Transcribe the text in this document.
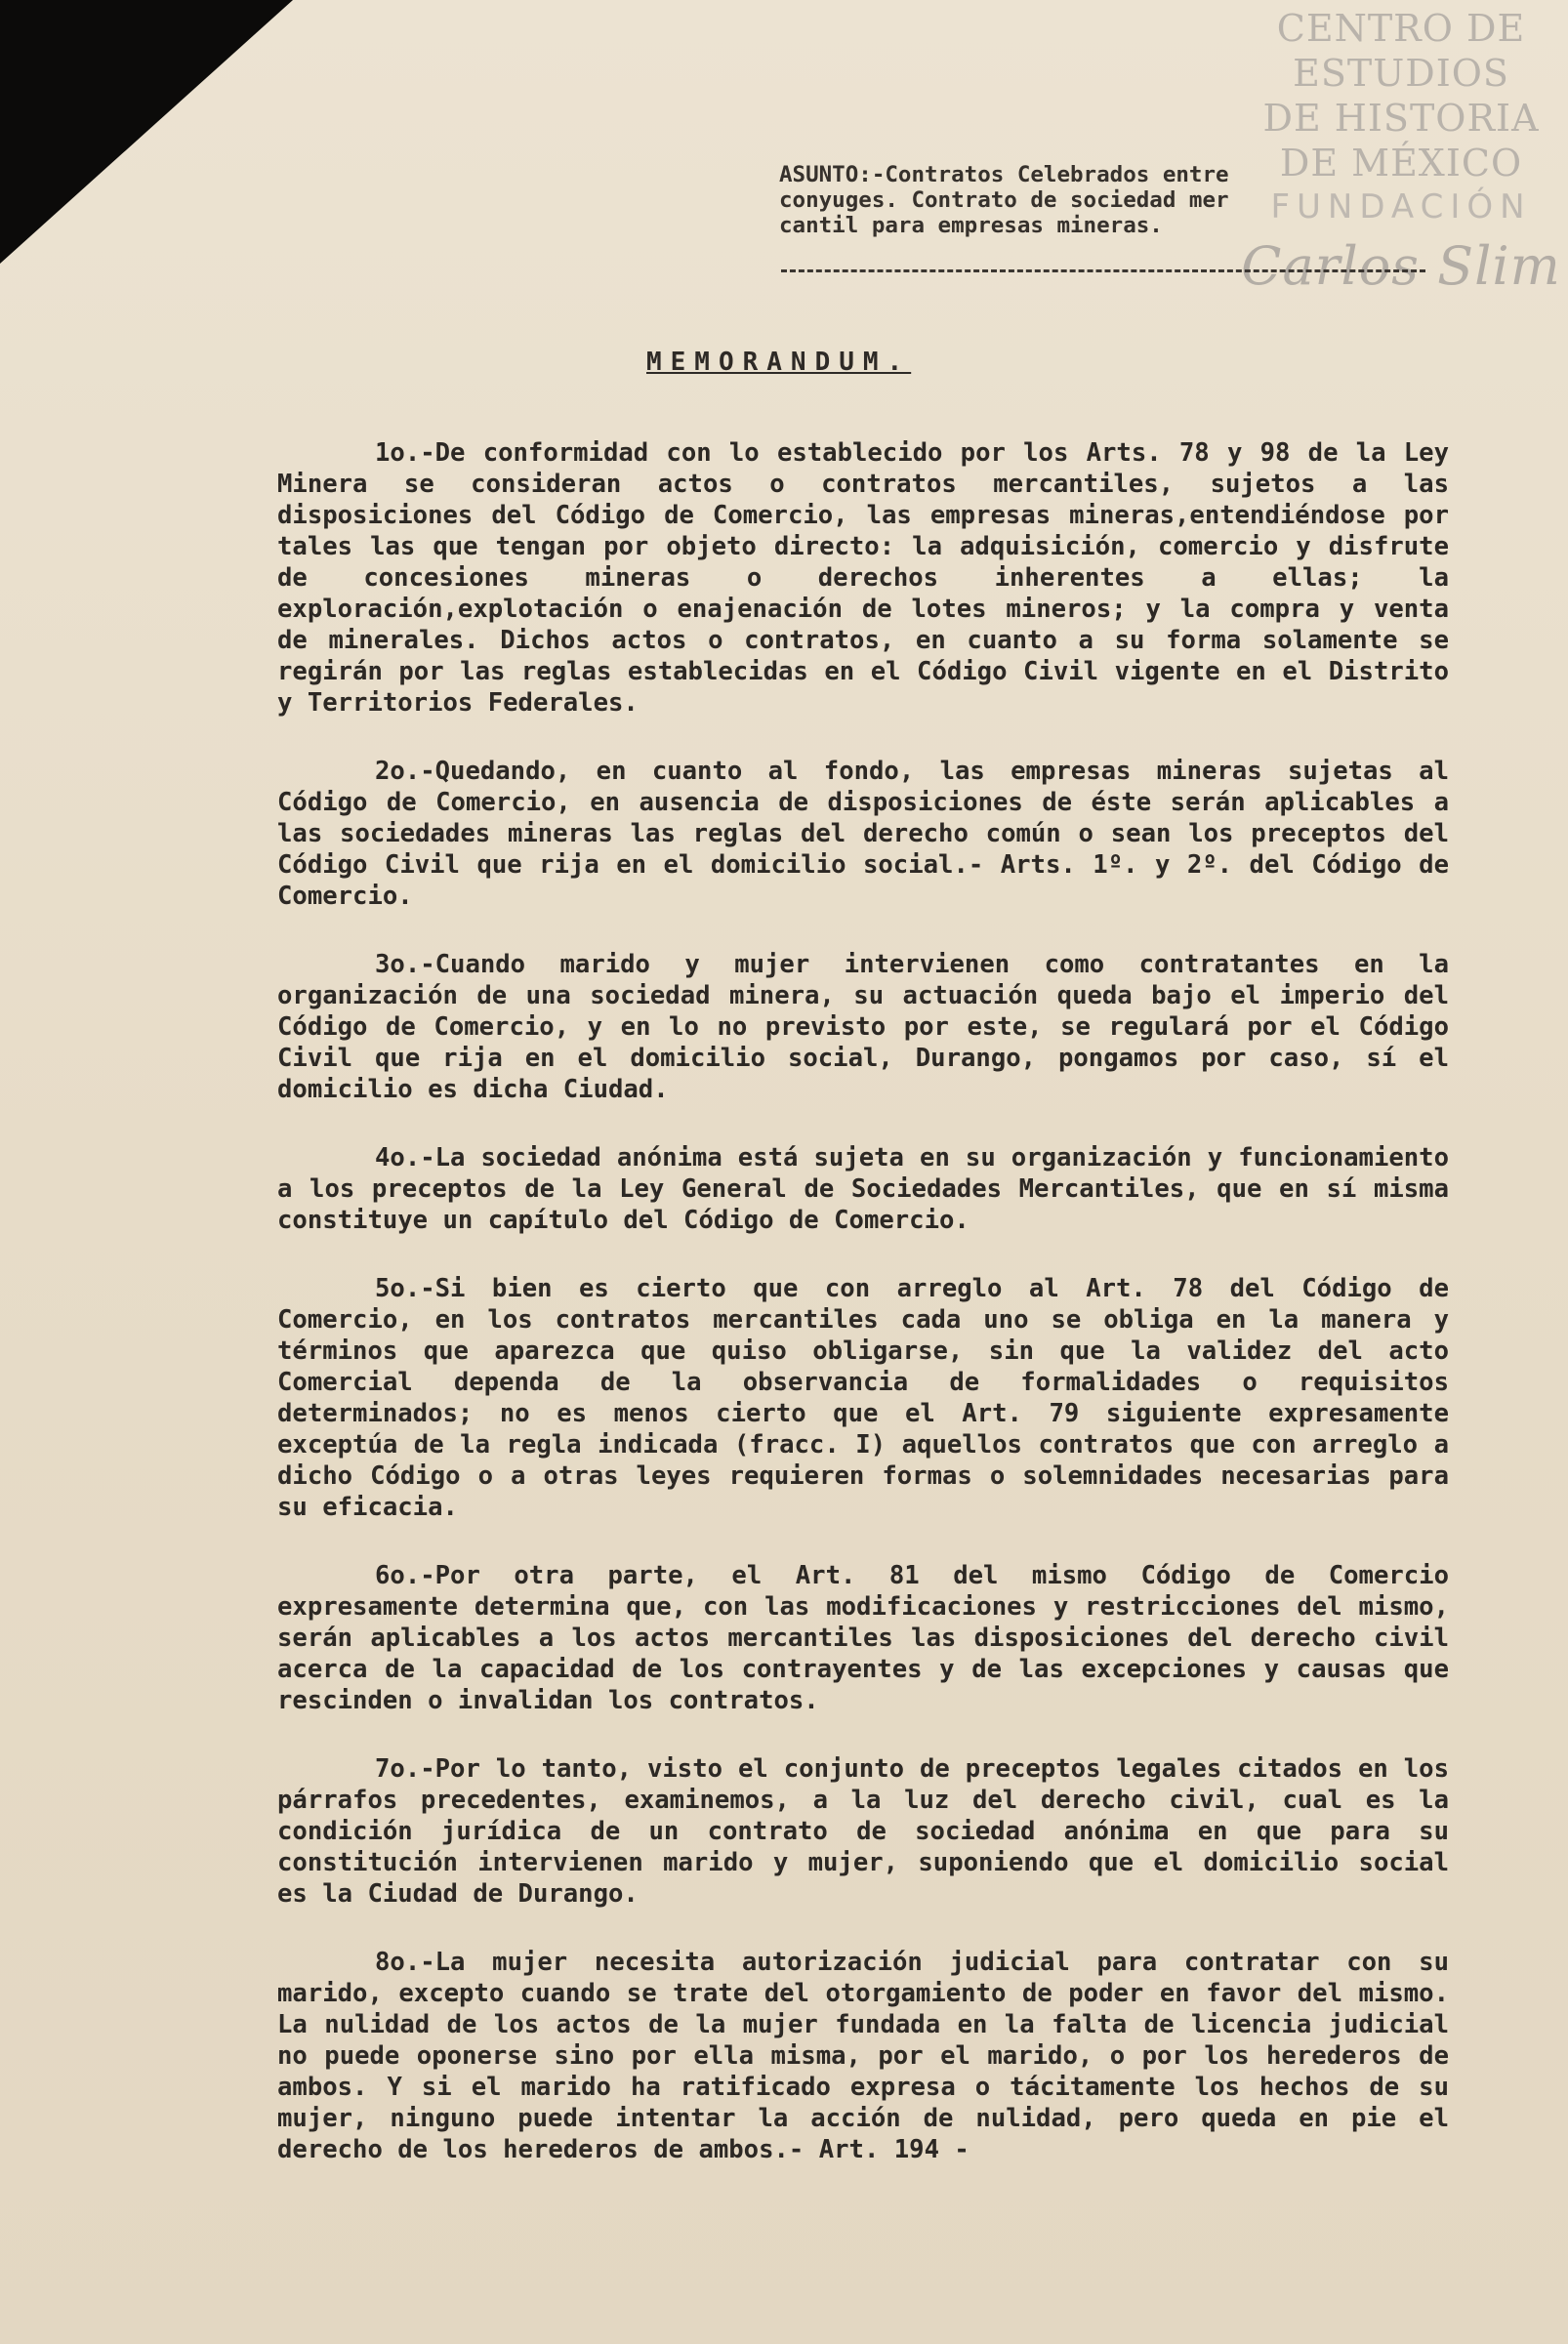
CENTRO DE
ESTUDIOS
DE HISTORIA
DE MÉXICO
FUNDACIÓN
Carlos Slim
ASUNTO:-Contratos Celebrados entre
conyuges. Contrato de sociedad mer
cantil para empresas mineras.
MEMORANDUM.

1o.-De conformidad con lo establecido por los Arts. 78 y 98 de la Ley Minera se consideran actos o contratos mercantiles, sujetos a las disposiciones del Código de Comercio, las empresas mineras,entendiéndose por tales las que tengan por objeto directo: la adquisición, comercio y disfrute de concesiones mineras o derechos inherentes a ellas; la exploración,explotación o enajenación de lotes mineros; y la compra y venta de minerales. Dichos actos o contratos, en cuanto a su forma solamente se regirán por las reglas establecidas en el Código Civil vigente en el Distrito y Territorios Federales.

2o.-Quedando, en cuanto al fondo, las empresas mineras sujetas al Código de Comercio, en ausencia de disposiciones de éste serán aplicables a las sociedades mineras las reglas del derecho común o sean los preceptos del Código Civil que rija en el domicilio social.- Arts. 1º. y 2º. del Código de Comercio.

3o.-Cuando marido y mujer intervienen como contratantes en la organización de una sociedad minera, su actuación queda bajo el imperio del Código de Comercio, y en lo no previsto por este, se regulará por el Código Civil que rija en el domicilio social, Durango, pongamos por caso, sí el domicilio es dicha Ciudad.

4o.-La sociedad anónima está sujeta en su organización y funcionamiento a los preceptos de la Ley General de Sociedades Mercantiles, que en sí misma constituye un capítulo del Código de Comercio.

5o.-Si bien es cierto que con arreglo al Art. 78 del Código de Comercio, en los contratos mercantiles cada uno se obliga en la manera y términos que aparezca que quiso obligarse, sin que la validez del acto Comercial dependa de la observancia de formalidades o requisitos determinados; no es menos cierto que el Art. 79 siguiente expresamente exceptúa de la regla indicada (fracc. I) aquellos contratos que con arreglo a dicho Código o a otras leyes requieren formas o solemnidades necesarias para su eficacia.

6o.-Por otra parte, el Art. 81 del mismo Código de Comercio expresamente determina que, con las modificaciones y restricciones del mismo, serán aplicables a los actos mercantiles las disposiciones del derecho civil acerca de la capacidad de los contrayentes y de las excepciones y causas que rescinden o invalidan los contratos.

7o.-Por lo tanto, visto el conjunto de preceptos legales citados en los párrafos precedentes, examinemos, a la luz del derecho civil, cual es la condición jurídica de un contrato de sociedad anónima en que para su constitución intervienen marido y mujer, suponiendo que el domicilio social es la Ciudad de Durango.

8o.-La mujer necesita autorización judicial para contratar con su marido, excepto cuando se trate del otorgamiento de poder en favor del mismo. La nulidad de los actos de la mujer fundada en la falta de licencia judicial no puede oponerse sino por ella misma, por el marido, o por los herederos de ambos. Y si el marido ha ratificado expresa o tácitamente los hechos de su mujer, ninguno puede intentar la acción de nulidad, pero queda en pie el derecho de los herederos de ambos.- Art. 194 -
